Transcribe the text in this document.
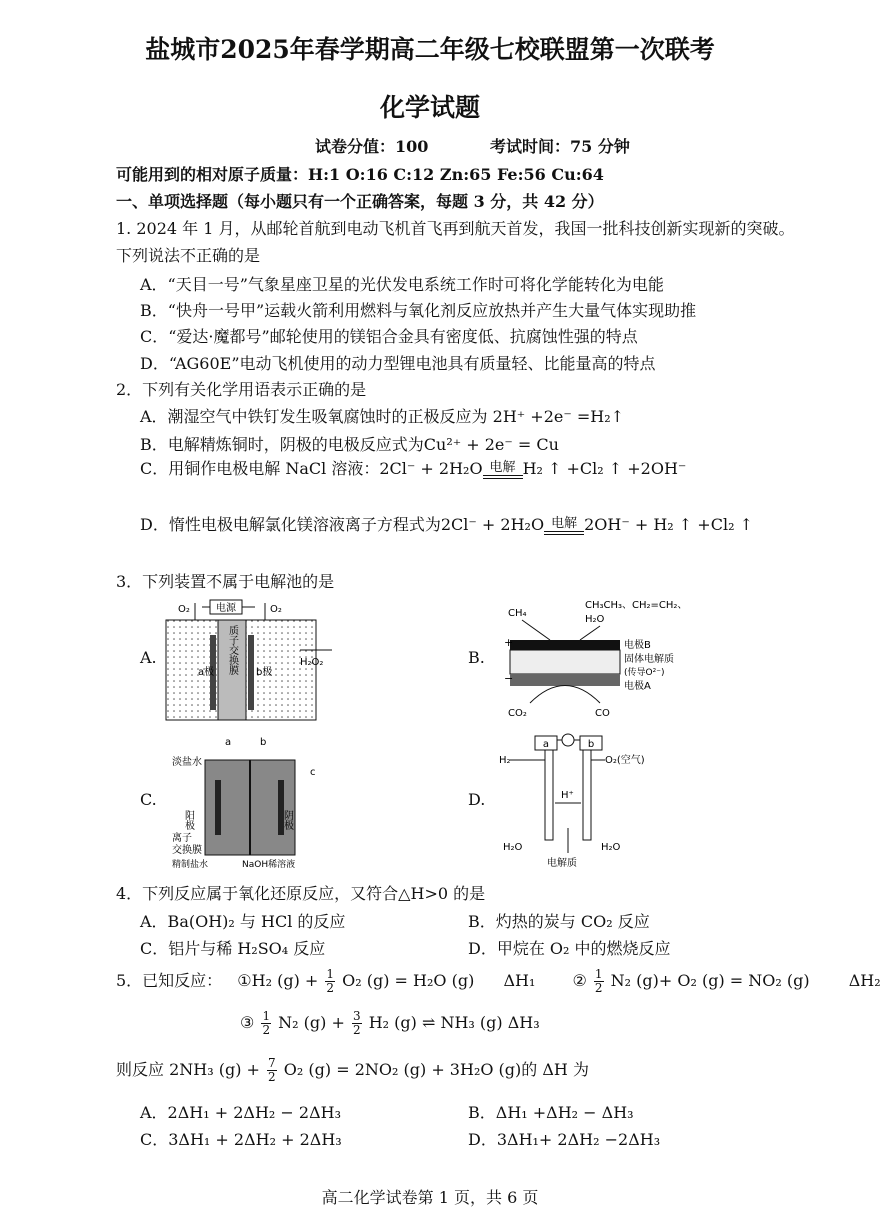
盐城市2025年春学期高二年级七校联盟第一次联考
化学试题
试卷分值：100	考试时间：75 分钟
可能用到的相对原子质量：H:1 O:16 C:12 Zn:65 Fe:56 Cu:64
一、单项选择题（每小题只有一个正确答案，每题 3 分，共 42 分）
1. 2024 年 1 月，从邮轮首航到电动飞机首飞再到航天首发，我国一批科技创新实现新的突破。
下列说法不正确的是
A．“天目一号”气象星座卫星的光伏发电系统工作时可将化学能转化为电能
B．“快舟一号甲”运载火箭利用燃料与氧化剂反应放热并产生大量气体实现助推
C．“爱达·魔都号”邮轮使用的镁铝合金具有密度低、抗腐蚀性强的特点
D．“AG60E”电动飞机使用的动力型锂电池具有质量轻、比能量高的特点
2．下列有关化学用语表示正确的是
A．潮湿空气中铁钉发生吸氧腐蚀时的正极反应为 2H⁺ +2e⁻ =H₂↑
B．电解精炼铜时，阴极的电极反应式为Cu²⁺ + 2e⁻ = Cu
C．用铜作电极电解 NaCl 溶液：2Cl⁻ + 2H₂O 电解 H₂ ↑ +Cl₂ ↑ +2OH⁻
D．惰性电极电解氯化镁溶液离子方程式为2Cl⁻ + 2H₂O 电解 2OH⁻ + H₂ ↑ +Cl₂ ↑
3．下列装置不属于电解池的是
A.	B.
C.	D.
电源
O₂	O₂
质子交换膜
a极	b极
H₂O₂
CH₄
CH₃CH₃、CH₂=CH₂、
H₂O
+
−
电极B
固体电解质
(传导O²⁻)
电极A
CO₂	CO
淡盐水
a	b
c
阳极	阴极
离子
交换膜
精制盐水	NaOH稀溶液
a	b
H₂	O₂(空气)
H⁺
H₂O	H₂O
电解质
4．下列反应属于氧化还原反应，又符合△H>0 的是
A．Ba(OH)₂ 与 HCl 的反应	B．灼热的炭与 CO₂ 反应
C．铝片与稀 H₂SO₄ 反应	D．甲烷在 O₂ 中的燃烧反应
5．已知反应： ①H₂ $(g) + \frac{1}{2} O_2$ (g) = H₂O (g) ΔH₁ ② $\frac{1}{2} N_2$ (g)+ O₂ (g) = NO₂ (g) ΔH₂
③ $\frac{1}{2} N_2$ $(g) + \frac{3}{2} H_2$ (g) ⇌ NH₃ (g) ΔH₃
则反应 2NH₃ $(g) + \frac{7}{2} O_2$ (g) = 2NO₂ (g) + 3H₂O (g)的 ΔH 为
A．2ΔH₁ + 2ΔH₂ − 2ΔH₃	B．ΔH₁ +ΔH₂ − ΔH₃
C．3ΔH₁ + 2ΔH₂ + 2ΔH₃	D．3ΔH₁+ 2ΔH₂ −2ΔH₃
高二化学试卷第 1 页，共 6 页
